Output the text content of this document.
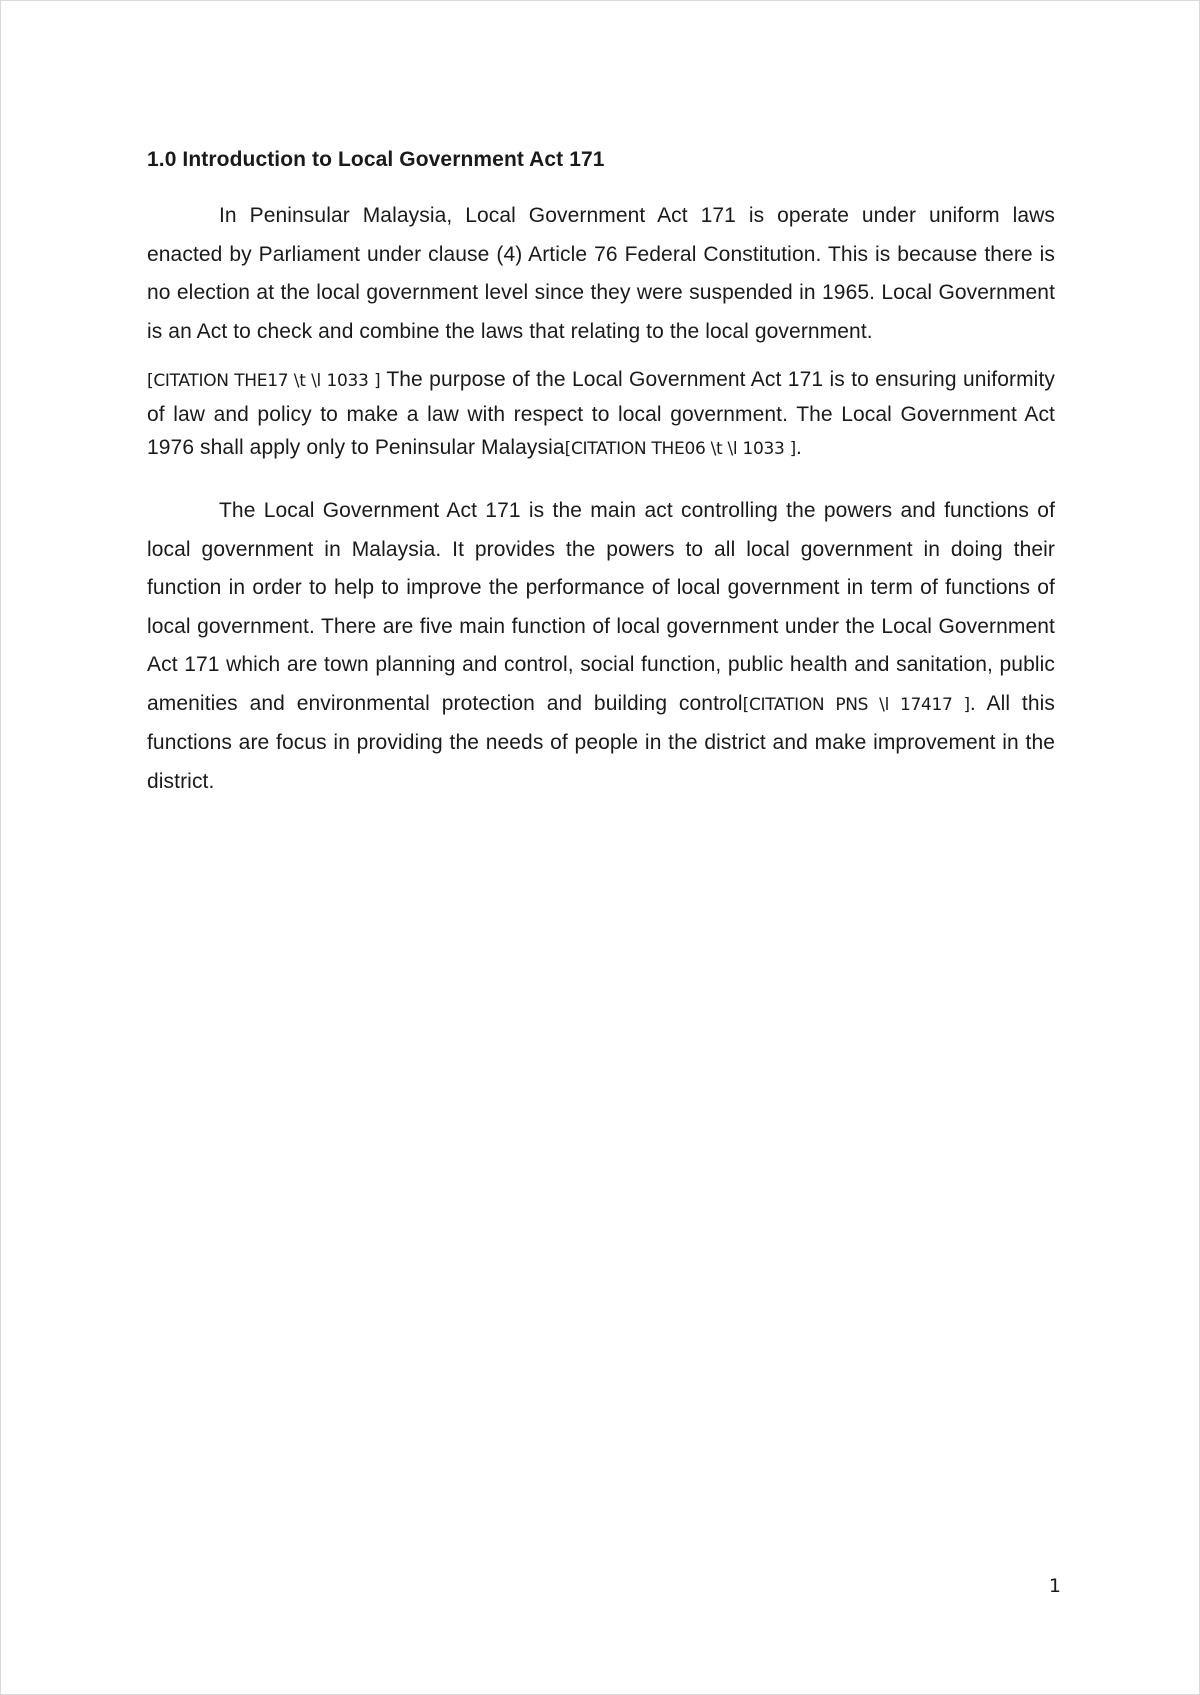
1.0 Introduction to Local Government Act 171

In Peninsular Malaysia, Local Government Act 171 is operate under uniform laws enacted by Parliament under clause (4) Article 76 Federal Constitution. This is because there is no election at the local government level since they were suspended in 1965. Local Government is an Act to check and combine the laws that relating to the local government.

[CITATION THE17 \t \l 1033 ] The purpose of the Local Government Act 171 is to ensuring uniformity of law and policy to make a law with respect to local government. The Local Government Act 1976 shall apply only to Peninsular Malaysia[CITATION THE06 \t \l 1033 ].

The Local Government Act 171 is the main act controlling the powers and functions of local government in Malaysia. It provides the powers to all local government in doing their function in order to help to improve the performance of local government in term of functions of local government. There are five main function of local government under the Local Government Act 171 which are town planning and control, social function, public health and sanitation, public amenities and environmental protection and building control[CITATION PNS \l 17417 ]. All this functions are focus in providing the needs of people in the district and make improvement in the district.

1
